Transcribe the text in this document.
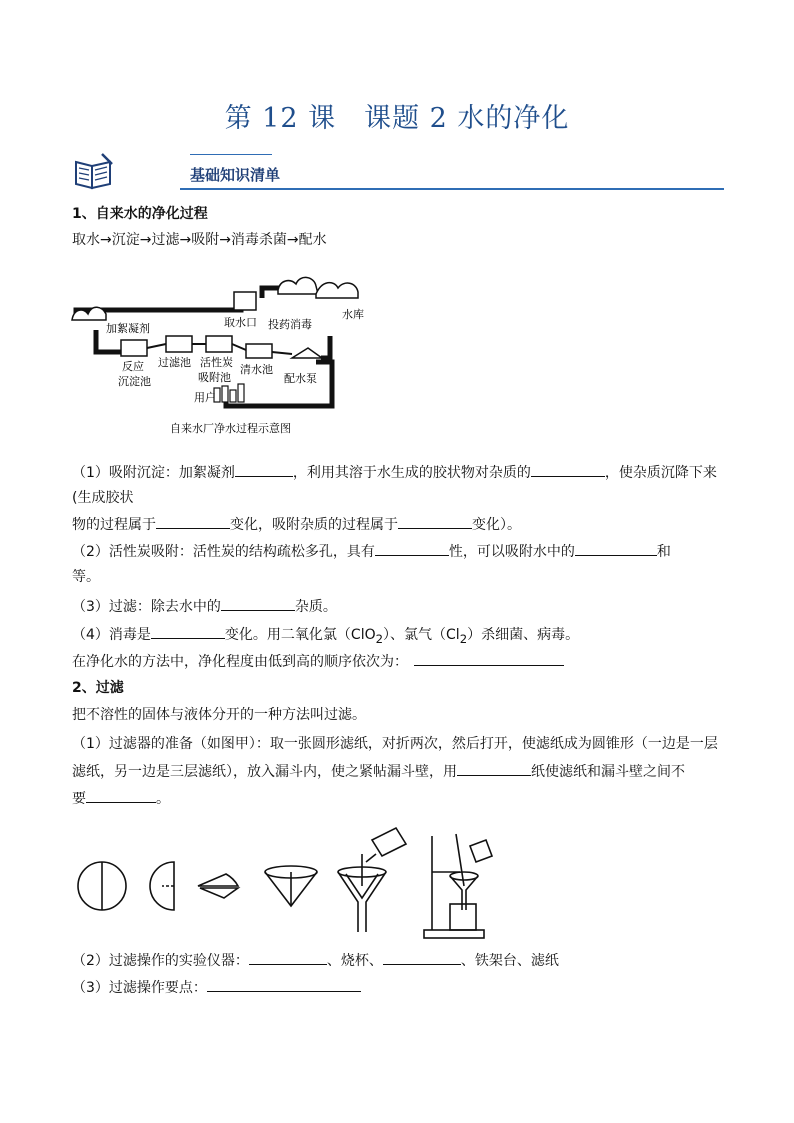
第 12 课　课题 2 水的净化
基础知识清单
1、自来水的净化过程
取水→沉淀→过滤→吸附→消毒杀菌→配水
取水口
水库
投药消毒
加絮凝剂
反应
沉淀池
过滤池 活性炭
吸附池
清水池
配水泵
用户
自来水厂净水过程示意图
（1）吸附沉淀：加絮凝剂	，利用其溶于水生成的胶状物对杂质的	，使杂质沉降下来
(生成胶状
物的过程属于	变化，吸附杂质的过程属于	变化）。
（2）活性炭吸附：活性炭的结构疏松多孔，具有	性，可以吸附水中的	和
等。
（3）过滤：除去水中的	杂质。
（4）消毒是	变化。用二氧化氯（ClO$_2$）、氯气$(Cl_2)$杀细菌、病毒。
在净化水的方法中，净化程度由低到高的顺序依次为：
2、过滤
把不溶性的固体与液体分开的一种方法叫过滤。
（1）过滤器的准备（如图甲）：取一张圆形滤纸，对折两次，然后打开，使滤纸成为圆锥形（一边是一层
滤纸，另一边是三层滤纸），放入漏斗内，使之紧帖漏斗壁，用	纸使滤纸和漏斗壁之间不
要	。
（2）过滤操作的实验仪器：	、烧杯、	、铁架台、滤纸
（3）过滤操作要点：
